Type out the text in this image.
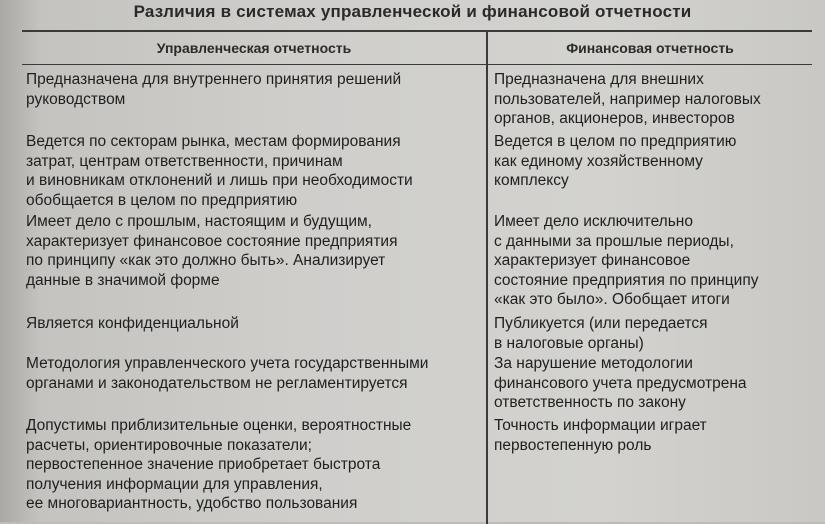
Различия в системах управленческой и финансовой отчетности
Управленческая отчетность	Финансовая отчетность
Предназначена для внутреннего принятия решений
руководством
Предназначена для внешних
пользователей, например налоговых
органов, акционеров, инвесторов
Ведется по секторам рынка, местам формирования
затрат, центрам ответственности, причинам
и виновникам отклонений и лишь при необходимости
обобщается в целом по предприятию
Ведется в целом по предприятию
как единому хозяйственному
комплексу
Имеет дело с прошлым, настоящим и будущим,
характеризует финансовое состояние предприятия
по принципу «как это должно быть». Анализирует
данные в значимой форме
Имеет дело исключительно
с данными за прошлые периоды,
характеризует финансовое
состояние предприятия по принципу
«как это было». Обобщает итоги
Является конфиденциальной	Публикуется (или передается
в налоговые органы)
Методология управленческого учета государственными
органами и законодательством не регламентируется
За нарушение методологии
финансового учета предусмотрена
ответственность по закону
Допустимы приблизительные оценки, вероятностные
расчеты, ориентировочные показатели;
первостепенное значение приобретает быстрота
получения информации для управления,
ее многовариантность, удобство пользования
Точность информации играет
первостепенную роль
